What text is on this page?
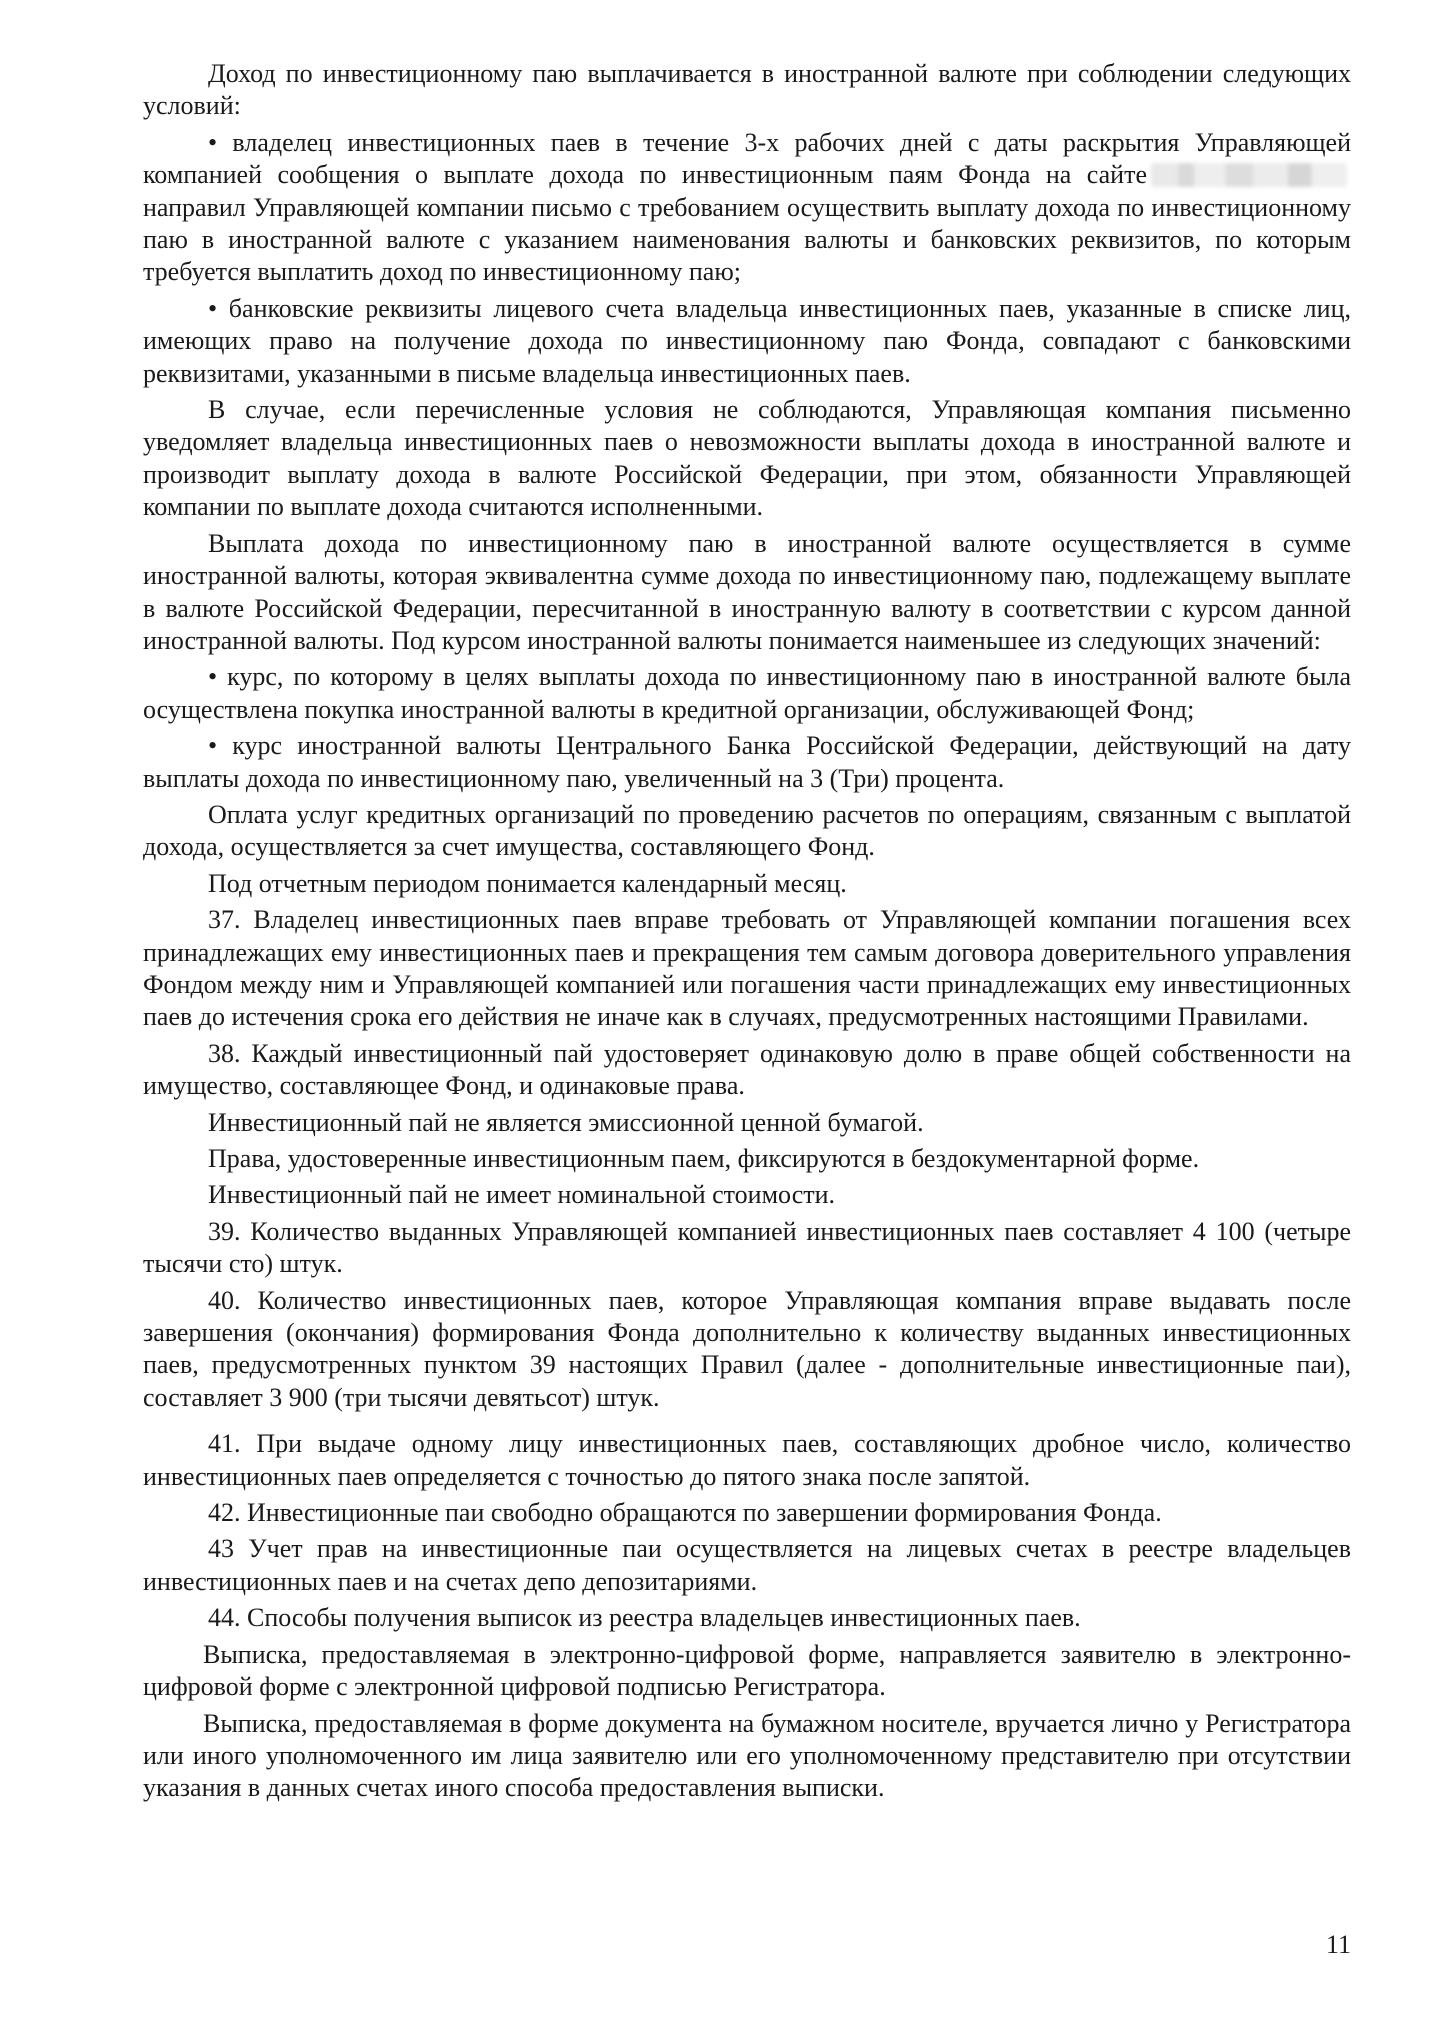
Доход по инвестиционному паю выплачивается в иностранной валюте при соблюдении следующих условий:

• владелец инвестиционных паев в течение 3-х рабочих дней с даты раскрытия Управляющей компанией сообщения о выплате дохода по инвестиционным паям Фонда на сайтенаправил Управляющей компании письмо с требованием осуществить выплату дохода по инвестиционному паю в иностранной валюте с указанием наименования валюты и банковских реквизитов, по которым требуется выплатить доход по инвестиционному паю;

• банковские реквизиты лицевого счета владельца инвестиционных паев, указанные в списке лиц, имеющих право на получение дохода по инвестиционному паю Фонда, совпадают с банковскими реквизитами, указанными в письме владельца инвестиционных паев.

В случае, если перечисленные условия не соблюдаются, Управляющая компания письменно уведомляет владельца инвестиционных паев о невозможности выплаты дохода в иностранной валюте и производит выплату дохода в валюте Российской Федерации, при этом, обязанности Управляющей компании по выплате дохода считаются исполненными.

Выплата дохода по инвестиционному паю в иностранной валюте осуществляется в сумме иностранной валюты, которая эквивалентна сумме дохода по инвестиционному паю, подлежащему выплате в валюте Российской Федерации, пересчитанной в иностранную валюту в соответствии с курсом данной иностранной валюты. Под курсом иностранной валюты понимается наименьшее из следующих значений:

• курс, по которому в целях выплаты дохода по инвестиционному паю в иностранной валюте была осуществлена покупка иностранной валюты в кредитной организации, обслуживающей Фонд;

• курс иностранной валюты Центрального Банка Российской Федерации, действующий на дату выплаты дохода по инвестиционному паю, увеличенный на 3 (Три) процента.

Оплата услуг кредитных организаций по проведению расчетов по операциям, связанным с выплатой дохода, осуществляется за счет имущества, составляющего Фонд.

Под отчетным периодом понимается календарный месяц.

37. Владелец инвестиционных паев вправе требовать от Управляющей компании погашения всех принадлежащих ему инвестиционных паев и прекращения тем самым договора доверительного управления Фондом между ним и Управляющей компанией или погашения части принадлежащих ему инвестиционных паев до истечения срока его действия не иначе как в случаях, предусмотренных настоящими Правилами.

38. Каждый инвестиционный пай удостоверяет одинаковую долю в праве общей собственности на имущество, составляющее Фонд, и одинаковые права.

Инвестиционный пай не является эмиссионной ценной бумагой.

Права, удостоверенные инвестиционным паем, фиксируются в бездокументарной форме.

Инвестиционный пай не имеет номинальной стоимости.

39. Количество выданных Управляющей компанией инвестиционных паев составляет 4 100 (четыре тысячи сто) штук.

40. Количество инвестиционных паев, которое Управляющая компания вправе выдавать после завершения (окончания) формирования Фонда дополнительно к количеству выданных инвестиционных паев, предусмотренных пунктом 39 настоящих Правил (далее - дополнительные инвестиционные паи), составляет 3 900 (три тысячи девятьсот) штук.

41. При выдаче одному лицу инвестиционных паев, составляющих дробное число, количество инвестиционных паев определяется с точностью до пятого знака после запятой.

42. Инвестиционные паи свободно обращаются по завершении формирования Фонда.

43 Учет прав на инвестиционные паи осуществляется на лицевых счетах в реестре владельцев инвестиционных паев и на счетах депо депозитариями.

44. Способы получения выписок из реестра владельцев инвестиционных паев.

Выписка, предоставляемая в электронно-цифровой форме, направляется заявителю в электронно-цифровой форме с электронной цифровой подписью Регистратора.

Выписка, предоставляемая в форме документа на бумажном носителе, вручается лично у Регистратора или иного уполномоченного им лица заявителю или его уполномоченному представителю при отсутствии указания в данных счетах иного способа предоставления выписки.

11
